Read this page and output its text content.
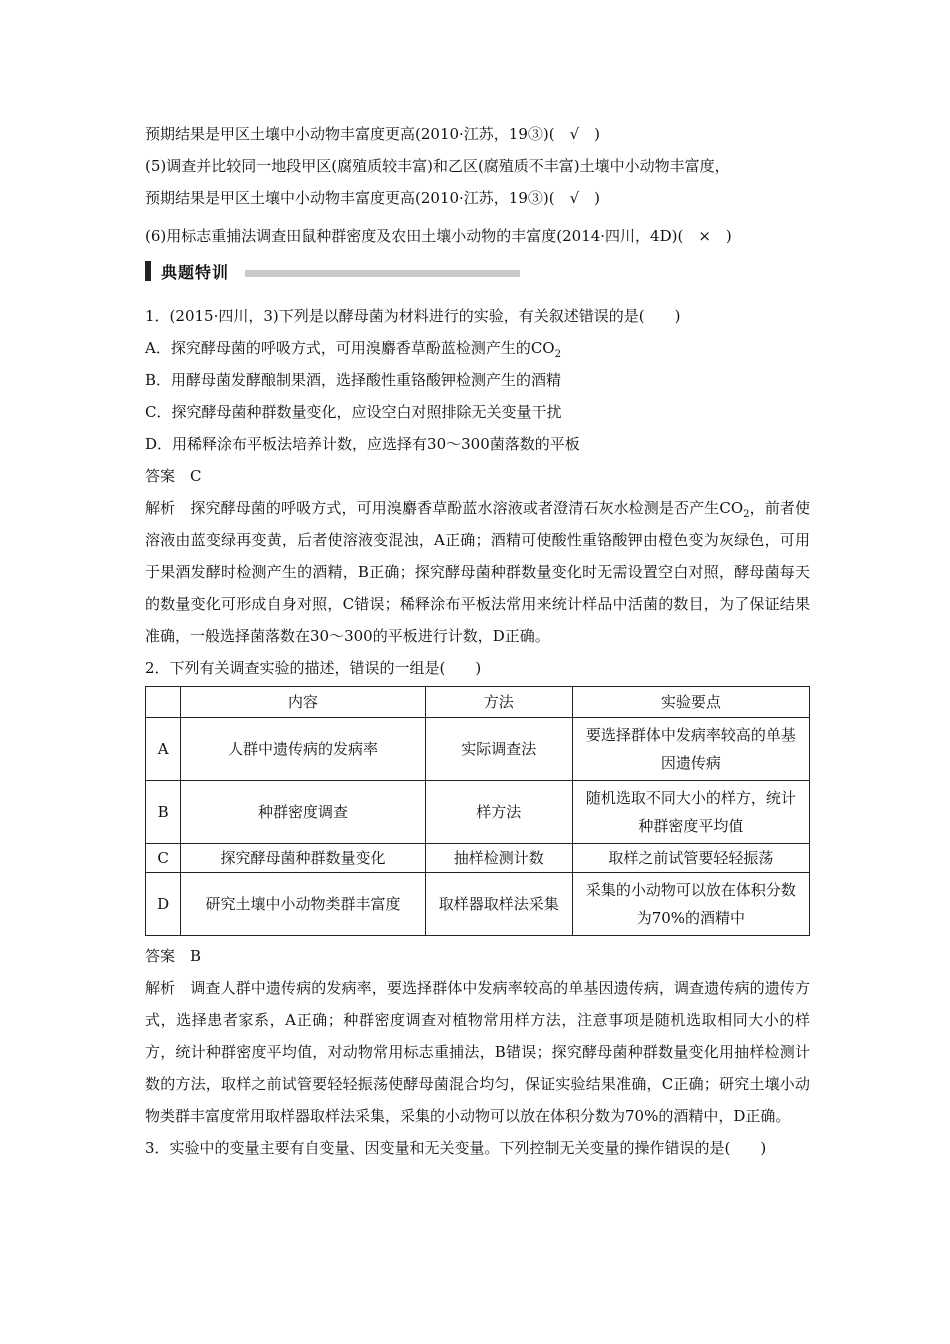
预期结果是甲区土壤中小动物丰富度更高(2010·江苏，19③)(　√　)
(5)调查并比较同一地段甲区(腐殖质较丰富)和乙区(腐殖质不丰富)土壤中小动物丰富度，
预期结果是甲区土壤中小动物丰富度更高(2010·江苏，19③)(　√　)
(6)用标志重捕法调查田鼠种群密度及农田土壤小动物的丰富度(2014·四川，4D)(　×　)
典题特训
1．(2015·四川，3)下列是以酵母菌为材料进行的实验，有关叙述错误的是(　　)
A．探究酵母菌的呼吸方式，可用溴麝香草酚蓝检测产生的$CO_2$
B．用酵母菌发酵酿制果酒，选择酸性重铬酸钾检测产生的酒精
C．探究酵母菌种群数量变化，应设空白对照排除无关变量干扰
D．用稀释涂布平板法培养计数，应选择有30～300菌落数的平板
答案　C

解析　探究酵母菌的呼吸方式，可用溴麝香草酚蓝水溶液或者澄清石灰水检测是否产生$CO_2$，前者使溶液由蓝变绿再变黄，后者使溶液变混浊，A正确；酒精可使酸性重铬酸钾由橙色变为灰绿色，可用于果酒发酵时检测产生的酒精，B正确；探究酵母菌种群数量变化时无需设置空白对照，酵母菌每天的数量变化可形成自身对照，C错误；稀释涂布平板法常用来统计样品中活菌的数目，为了保证结果准确，一般选择菌落数在30～300的平板进行计数，D正确。

2．下列有关调查实验的描述，错误的一组是(　　)
	内容	方法	实验要点
A	人群中遗传病的发病率	实际调查法	要选择群体中发病率较高的单基因遗传病
B	种群密度调查	样方法	随机选取不同大小的样方，统计种群密度平均值
C	探究酵母菌种群数量变化	抽样检测计数	取样之前试管要轻轻振荡
D	研究土壤中小动物类群丰富度	取样器取样法采集	采集的小动物可以放在体积分数为70%的酒精中
答案　B

解析　调查人群中遗传病的发病率，要选择群体中发病率较高的单基因遗传病，调查遗传病的遗传方式，选择患者家系，A正确；种群密度调查对植物常用样方法，注意事项是随机选取相同大小的样方，统计种群密度平均值，对动物常用标志重捕法，B错误；探究酵母菌种群数量变化用抽样检测计数的方法，取样之前试管要轻轻振荡使酵母菌混合均匀，保证实验结果准确，C正确；研究土壤小动物类群丰富度常用取样器取样法采集，采集的小动物可以放在体积分数为70%的酒精中，D正确。

3．实验中的变量主要有自变量、因变量和无关变量。下列控制无关变量的操作错误的是(　　)
